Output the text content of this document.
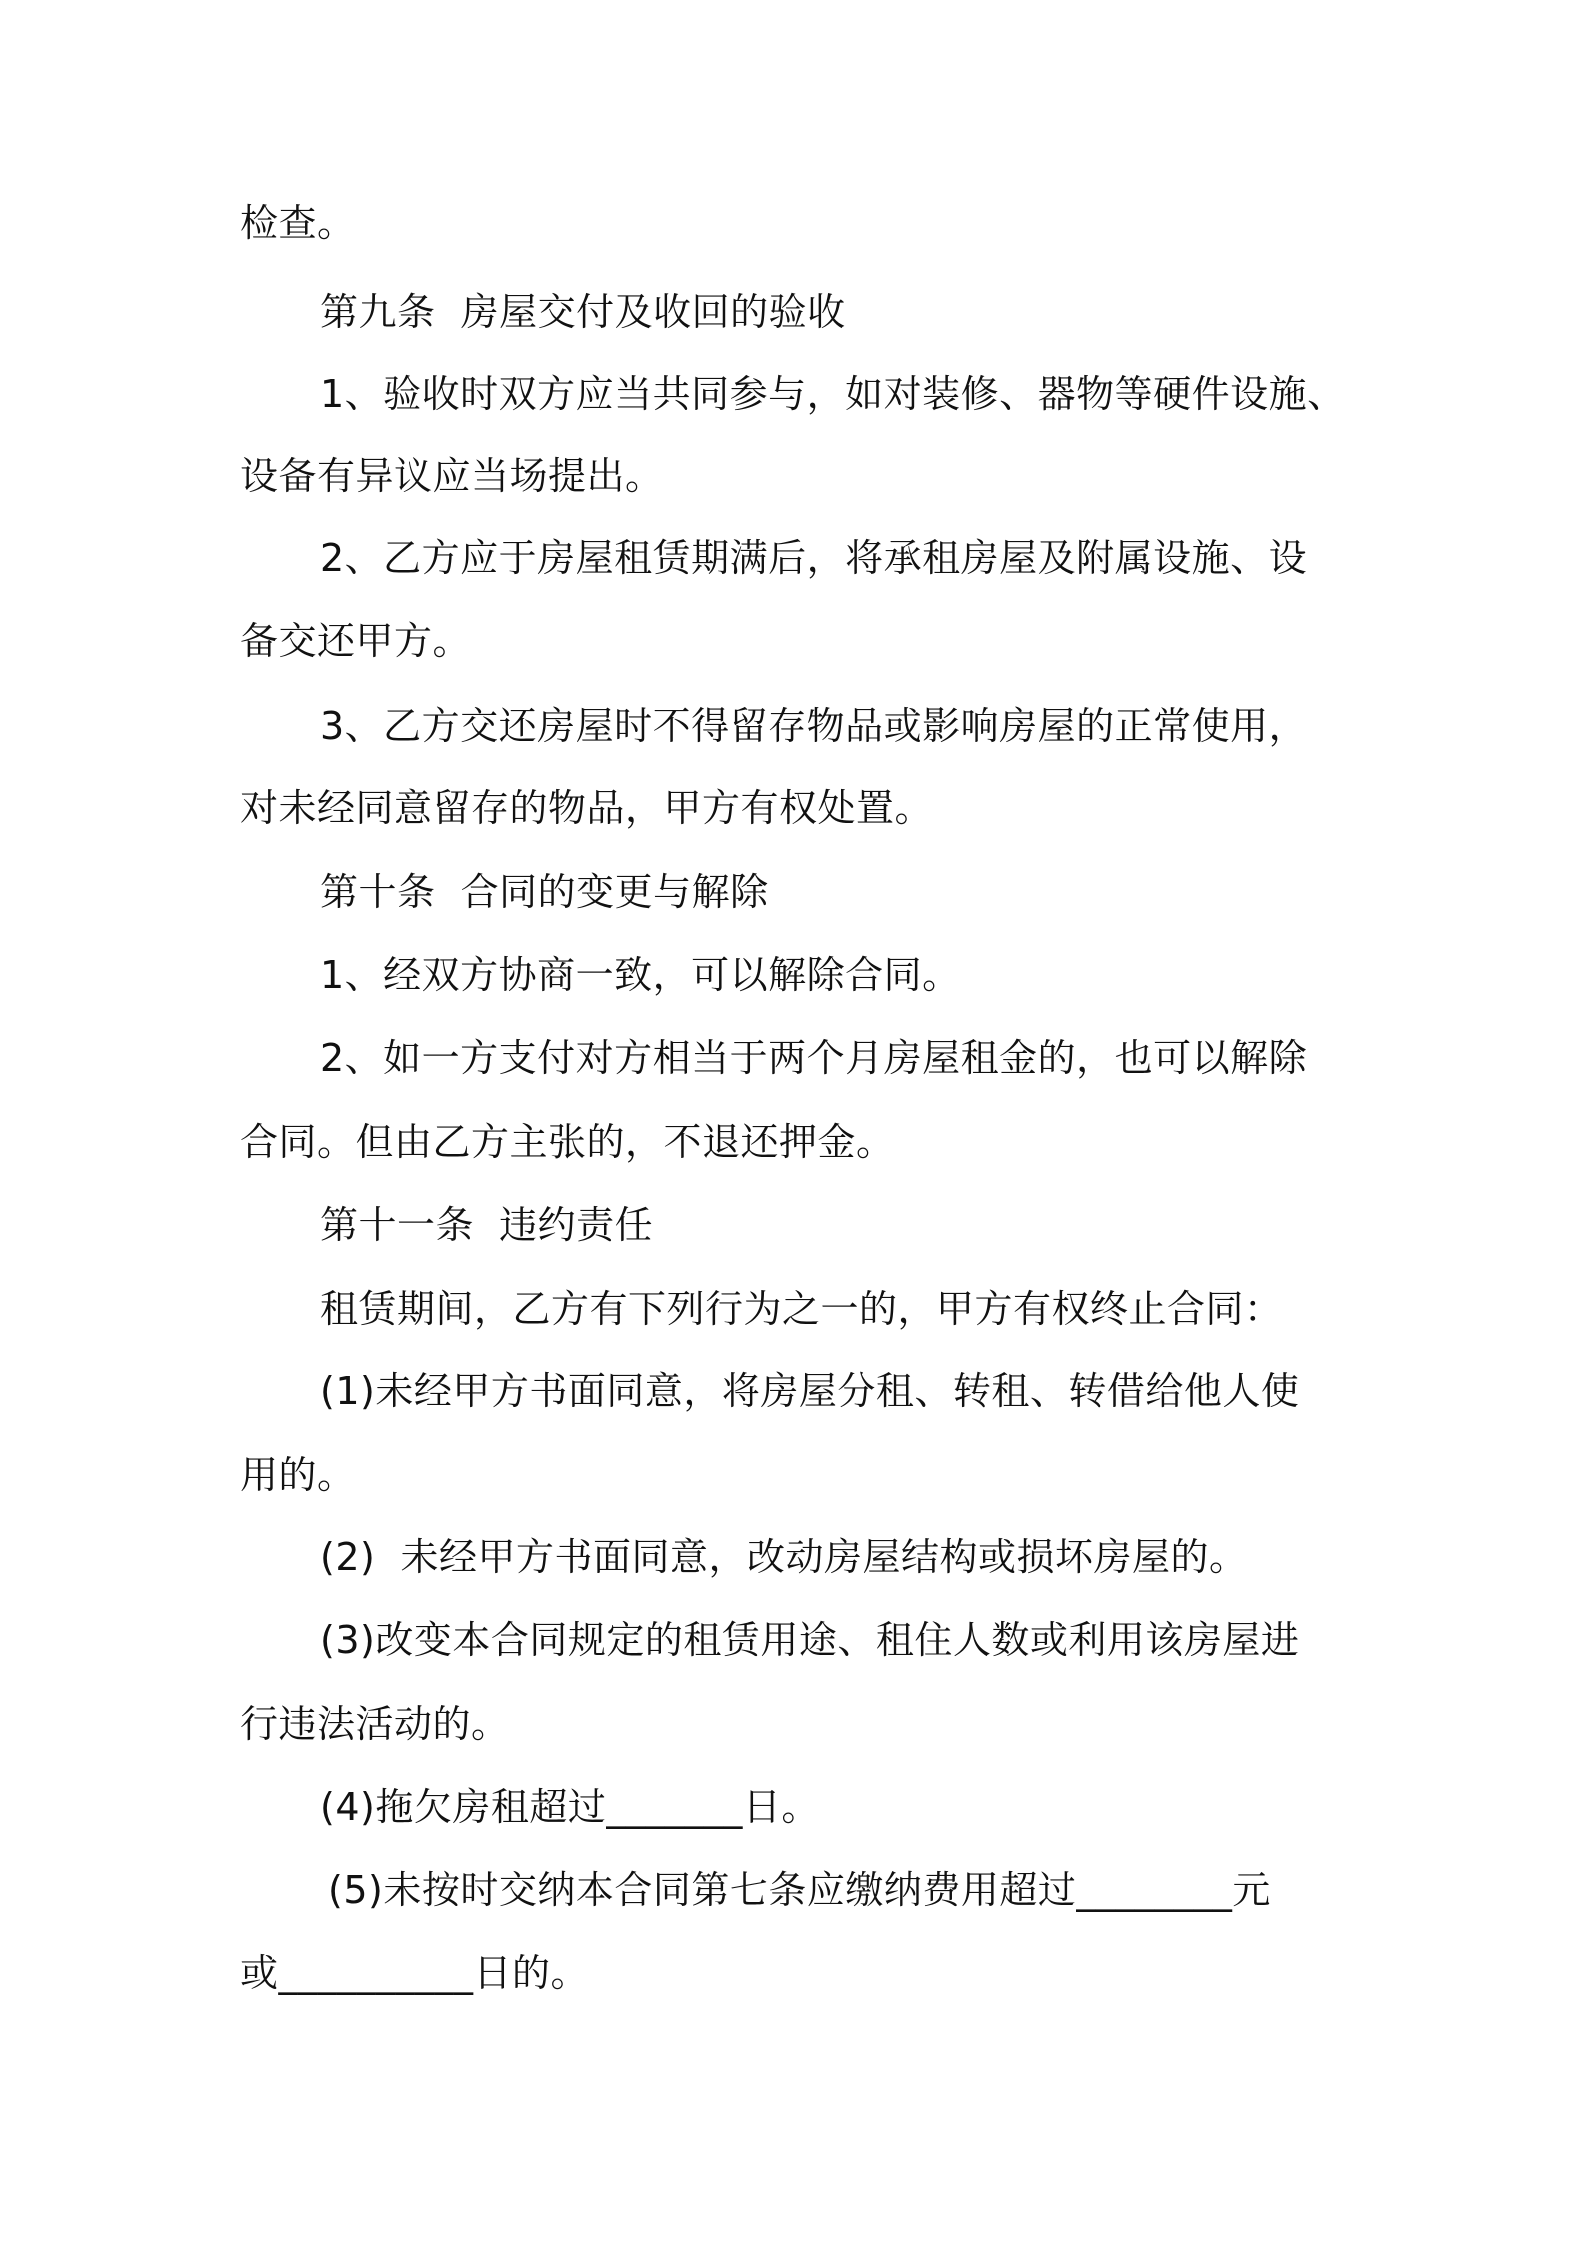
检查。
第九条  房屋交付及收回的验收
1、验收时双方应当共同参与，如对装修、器物等硬件设施、
设备有异议应当场提出。
2、乙方应于房屋租赁期满后，将承租房屋及附属设施、设
备交还甲方。
3、乙方交还房屋时不得留存物品或影响房屋的正常使用，
对未经同意留存的物品，甲方有权处置。
第十条  合同的变更与解除
1、经双方协商一致，可以解除合同。
2、如一方支付对方相当于两个月房屋租金的，也可以解除
合同。但由乙方主张的，不退还押金。
第十一条  违约责任
租赁期间，乙方有下列行为之一的，甲方有权终止合同：
(1)未经甲方书面同意，将房屋分租、转租、转借给他人使
用的。
(2)  未经甲方书面同意，改动房屋结构或损坏房屋的。
(3)改变本合同规定的租赁用途、租住人数或利用该房屋进
行违法活动的。
(4)拖欠房租超过_______日。
(5)未按时交纳本合同第七条应缴纳费用超过________元
或__________日的。
